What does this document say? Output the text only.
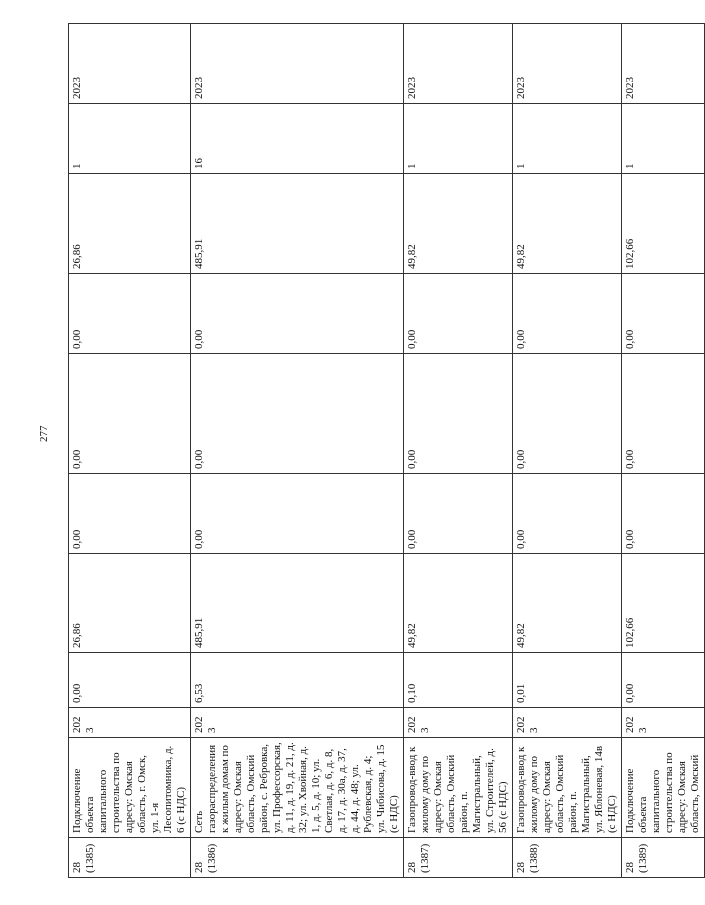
277
28
(1385)	Подключение объекта капитального строительства по адресу: Омская область, г. Омск, ул. 1-я Лесопитомника, д. 6 (с НДС)	2023	0,00	26,86	0,00	0,00	0,00	26,86	1	2023	
28
(1386)	Сеть газораспределения к жилым домам по адресу: Омская область, Омский район, с. Ребровка, ул. Профессорская, д. 11, д. 19, д. 21, д. 32; ул. Хвойная, д. 1, д. 5, д. 10; ул. Светлая, д. 6, д. 8, д. 17, д. 30а, д. 37, д. 44, д. 48; ул. Рублевская, д. 4; ул. Чибисова, д. 15 (с НДС)	2023	6,53	485,91	0,00	0,00	0,00	485,91	16	2023	
28
(1387)	Газопровод-ввод к жилому дому по адресу: Омская область, Омский район, п. Магистральный, ул. Строителей, д. 56 (с НДС)	2023	0,10	49,82	0,00	0,00	0,00	49,82	1	2023	
28
(1388)	Газопровод-ввод к жилому дому по адресу: Омская область, Омский район, п. Магистральный, ул. Яблоневая, 14в (с НДС)	2023	0,01	49,82	0,00	0,00	0,00	49,82	1	2023	
28
(1389)	Подключение объекта капитального строительства по адресу: Омская область, Омский	2023	0,00	102,66	0,00	0,00	0,00	102,66	1	2023	
